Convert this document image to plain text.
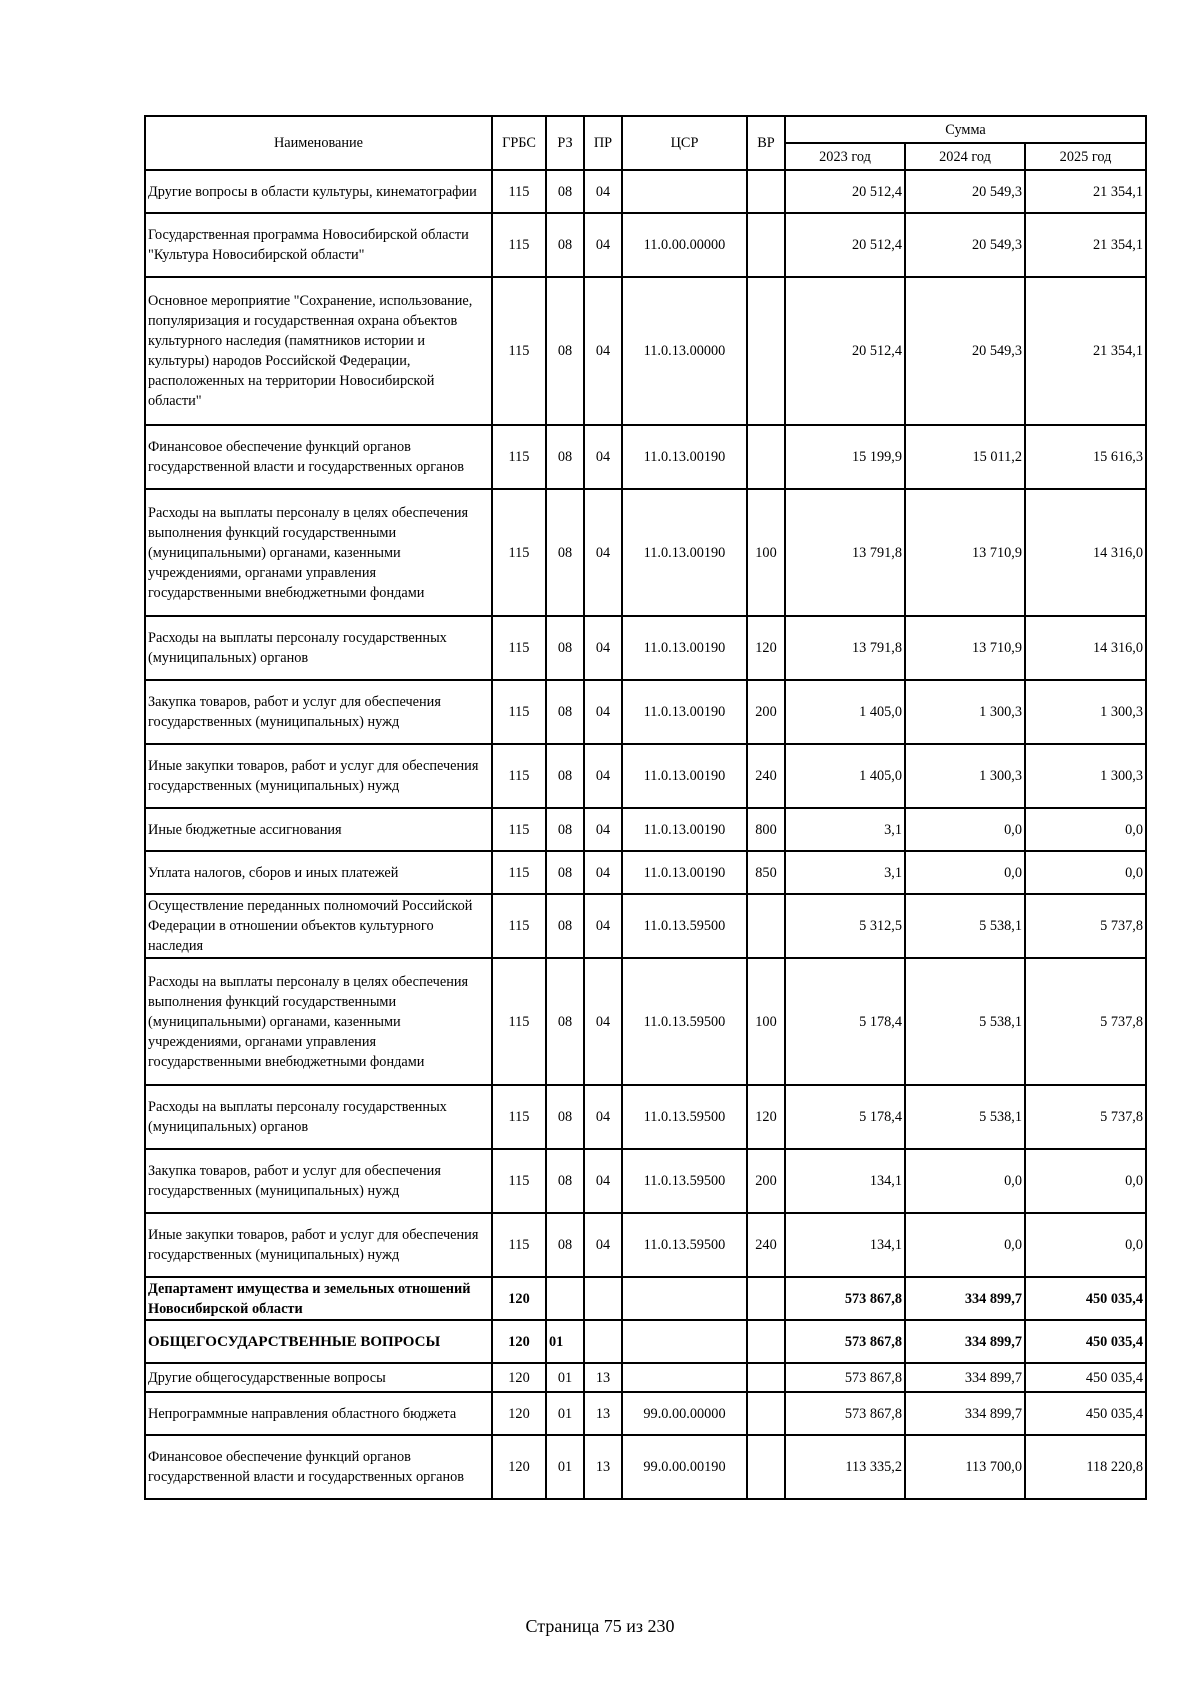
Наименование	ГРБС	РЗ	ПР	ЦСР	ВР	Сумма		
						2023 год	2024 год	2025 год
Другие вопросы в области культуры, кинематографии	115	08	04			20 512,4	20 549,3	21 354,1
Государственная программа Новосибирской области "Культура Новосибирской области"	115	08	04	11.0.00.00000		20 512,4	20 549,3	21 354,1
Основное мероприятие "Сохранение, использование, популяризация и государственная охрана объектов культурного наследия (памятников истории и культуры) народов Российской Федерации, расположенных на территории Новосибирской области"	115	08	04	11.0.13.00000		20 512,4	20 549,3	21 354,1
Финансовое обеспечение функций органов государственной власти и государственных органов	115	08	04	11.0.13.00190		15 199,9	15 011,2	15 616,3
Расходы на выплаты персоналу в целях обеспечения выполнения функций государственными (муниципальными) органами, казенными учреждениями, органами управления государственными внебюджетными фондами	115	08	04	11.0.13.00190	100	13 791,8	13 710,9	14 316,0
Расходы на выплаты персоналу государственных (муниципальных) органов	115	08	04	11.0.13.00190	120	13 791,8	13 710,9	14 316,0
Закупка товаров, работ и услуг для обеспечения государственных (муниципальных) нужд	115	08	04	11.0.13.00190	200	1 405,0	1 300,3	1 300,3
Иные закупки товаров, работ и услуг для обеспечения государственных (муниципальных) нужд	115	08	04	11.0.13.00190	240	1 405,0	1 300,3	1 300,3
Иные бюджетные ассигнования	115	08	04	11.0.13.00190	800	3,1	0,0	0,0
Уплата налогов, сборов и иных платежей	115	08	04	11.0.13.00190	850	3,1	0,0	0,0
Осуществление переданных полномочий Российской Федерации в отношении объектов культурного наследия	115	08	04	11.0.13.59500		5 312,5	5 538,1	5 737,8
Расходы на выплаты персоналу в целях обеспечения выполнения функций государственными (муниципальными) органами, казенными учреждениями, органами управления государственными внебюджетными фондами	115	08	04	11.0.13.59500	100	5 178,4	5 538,1	5 737,8
Расходы на выплаты персоналу государственных (муниципальных) органов	115	08	04	11.0.13.59500	120	5 178,4	5 538,1	5 737,8
Закупка товаров, работ и услуг для обеспечения государственных (муниципальных) нужд	115	08	04	11.0.13.59500	200	134,1	0,0	0,0
Иные закупки товаров, работ и услуг для обеспечения государственных (муниципальных) нужд	115	08	04	11.0.13.59500	240	134,1	0,0	0,0
Департамент имущества и земельных отношений Новосибирской области	120					573 867,8	334 899,7	450 035,4
ОБЩЕГОСУДАРСТВЕННЫЕ ВОПРОСЫ	120	01				573 867,8	334 899,7	450 035,4
Другие общегосударственные вопросы	120	01	13			573 867,8	334 899,7	450 035,4
Непрограммные направления областного бюджета	120	01	13	99.0.00.00000		573 867,8	334 899,7	450 035,4
Финансовое обеспечение функций органов государственной власти и государственных органов	120	01	13	99.0.00.00190		113 335,2	113 700,0	118 220,8
Страница 75 из 230
